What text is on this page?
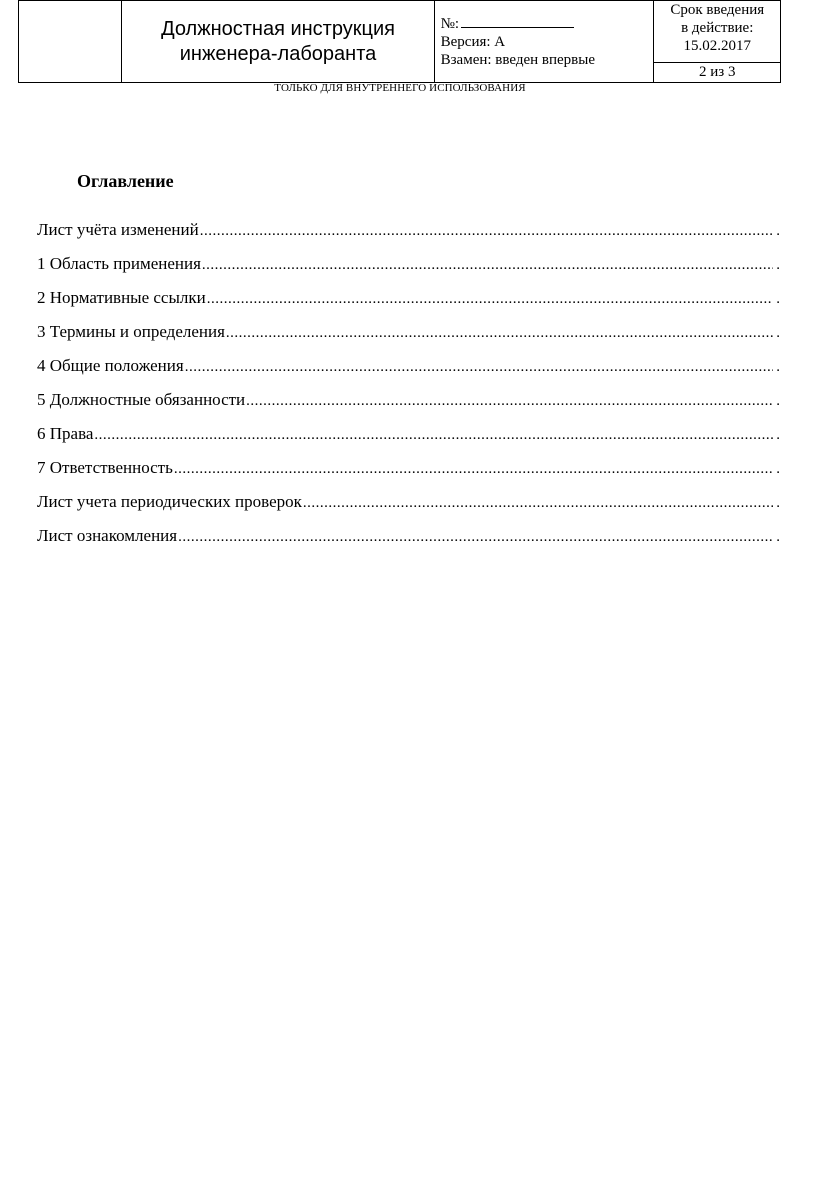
Должностная инструкция
инженера-лаборанта

№:
Версия: А
Взамен: введен впервые

Срок введения
в действие:
15.02.2017

2 из 3
ТОЛЬКО ДЛЯ ВНУТРЕННЕГО ИСПОЛЬЗОВАНИЯ
Оглавление
Лист учёта изменений .....	.
1 Область применения .....	.
2 Нормативные ссылки .....	.
3 Термины и определения .....	.
4 Общие положения .....	.
5 Должностные обязанности .....	.
6 Права .....	.
7 Ответственность .....	.
Лист учета периодических проверок .....	.
Лист ознакомления .....	.
